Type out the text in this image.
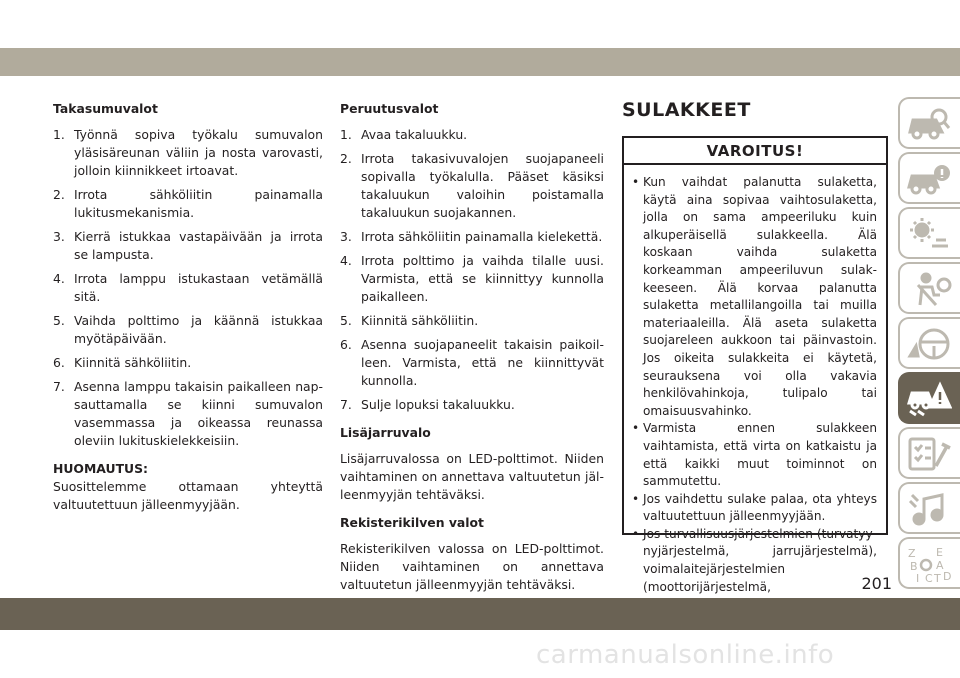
Takasumuvalot
1. Työnnä sopiva työkalu sumuvalon yläsisäreunan väliin ja nosta varovasti, jolloin kiinnikkeet irtoavat.
2. Irrota sähköliitin painamalla lukitusmekanismia.
3. Kierrä istukkaa vastapäivään ja irrota se lampusta.
4. Irrota lamppu istukastaan vetämällä sitä.
5. Vaihda polttimo ja käännä istukkaa myötäpäivään.
6. Kiinnitä sähköliitin.
7. Asenna lamppu takaisin paikalleen napsauttamalla se kiinni sumuvalon vasemmassa ja oikeassa reunassa oleviin lukituskielekkeisiin.
HUOMAUTUS:
Suosittelemme ottamaan yhteyttä valtuutettuun jälleenmyyjään.
Peruutusvalot
1. Avaa takaluukku.
2. Irrota takasivuvalojen suojapaneeli sopivalla työkalulla. Pääset käsiksi takaluukun valoihin poistamalla takaluukun suojakannen.
3. Irrota sähköliitin painamalla kielekettä.
4. Irrota polttimo ja vaihda tilalle uusi. Varmista, että se kiinnittyy kunnolla paikalleen.
5. Kiinnitä sähköliitin.
6. Asenna suojapaneelit takaisin paikoilleen. Varmista, että ne kiinnittyvät kunnolla.
7. Sulje lopuksi takaluukku.
Lisäjarruvalo
Lisäjarruvalossa on LED-polttimot. Niiden vaihtaminen on annettava valtuutetun jälleenmyyjän tehtäväksi.
Rekisterikilven valot
Rekisterikilven valossa on LED-polttimot. Niiden vaihtaminen on annettava valtuutetun jälleenmyyjän tehtäväksi.
SULAKKEET
VAROITUS!
• Kun vaihdat palanutta sulaketta, käytä aina sopivaa vaihtosulaketta, jolla on sama ampeeriluku kuin alkuperäisellä sulakkeella. Älä koskaan vaihda sulaketta korkeamman ampeeriluvun sulakkeeseen. Älä korvaa palanutta sulaketta metallilangoilla tai muilla materiaaleilla. Älä aseta sulaketta suojareleen aukkoon tai päinvastoin. Jos oikeita sulakkeita ei käytetä, seurauksena voi olla vakavia henkilövahinkoja, tulipalo tai omaisuusvahinko.
• Varmista ennen sulakkeen vaihtamista, että virta on katkaistu ja että kaikki muut toiminnot on sammutettu.
• Jos vaihdettu sulake palaa, ota yhteys valtuutettuun jälleenmyyjään.
• Jos turvallisuusjärjestelmien (turvatyynyjärjestelmä, jarrujärjestelmä), voimalaitejärjestelmien (moottorijärjestelmä,
Z E
B A
I C T D
201
carmanualsonline.info
